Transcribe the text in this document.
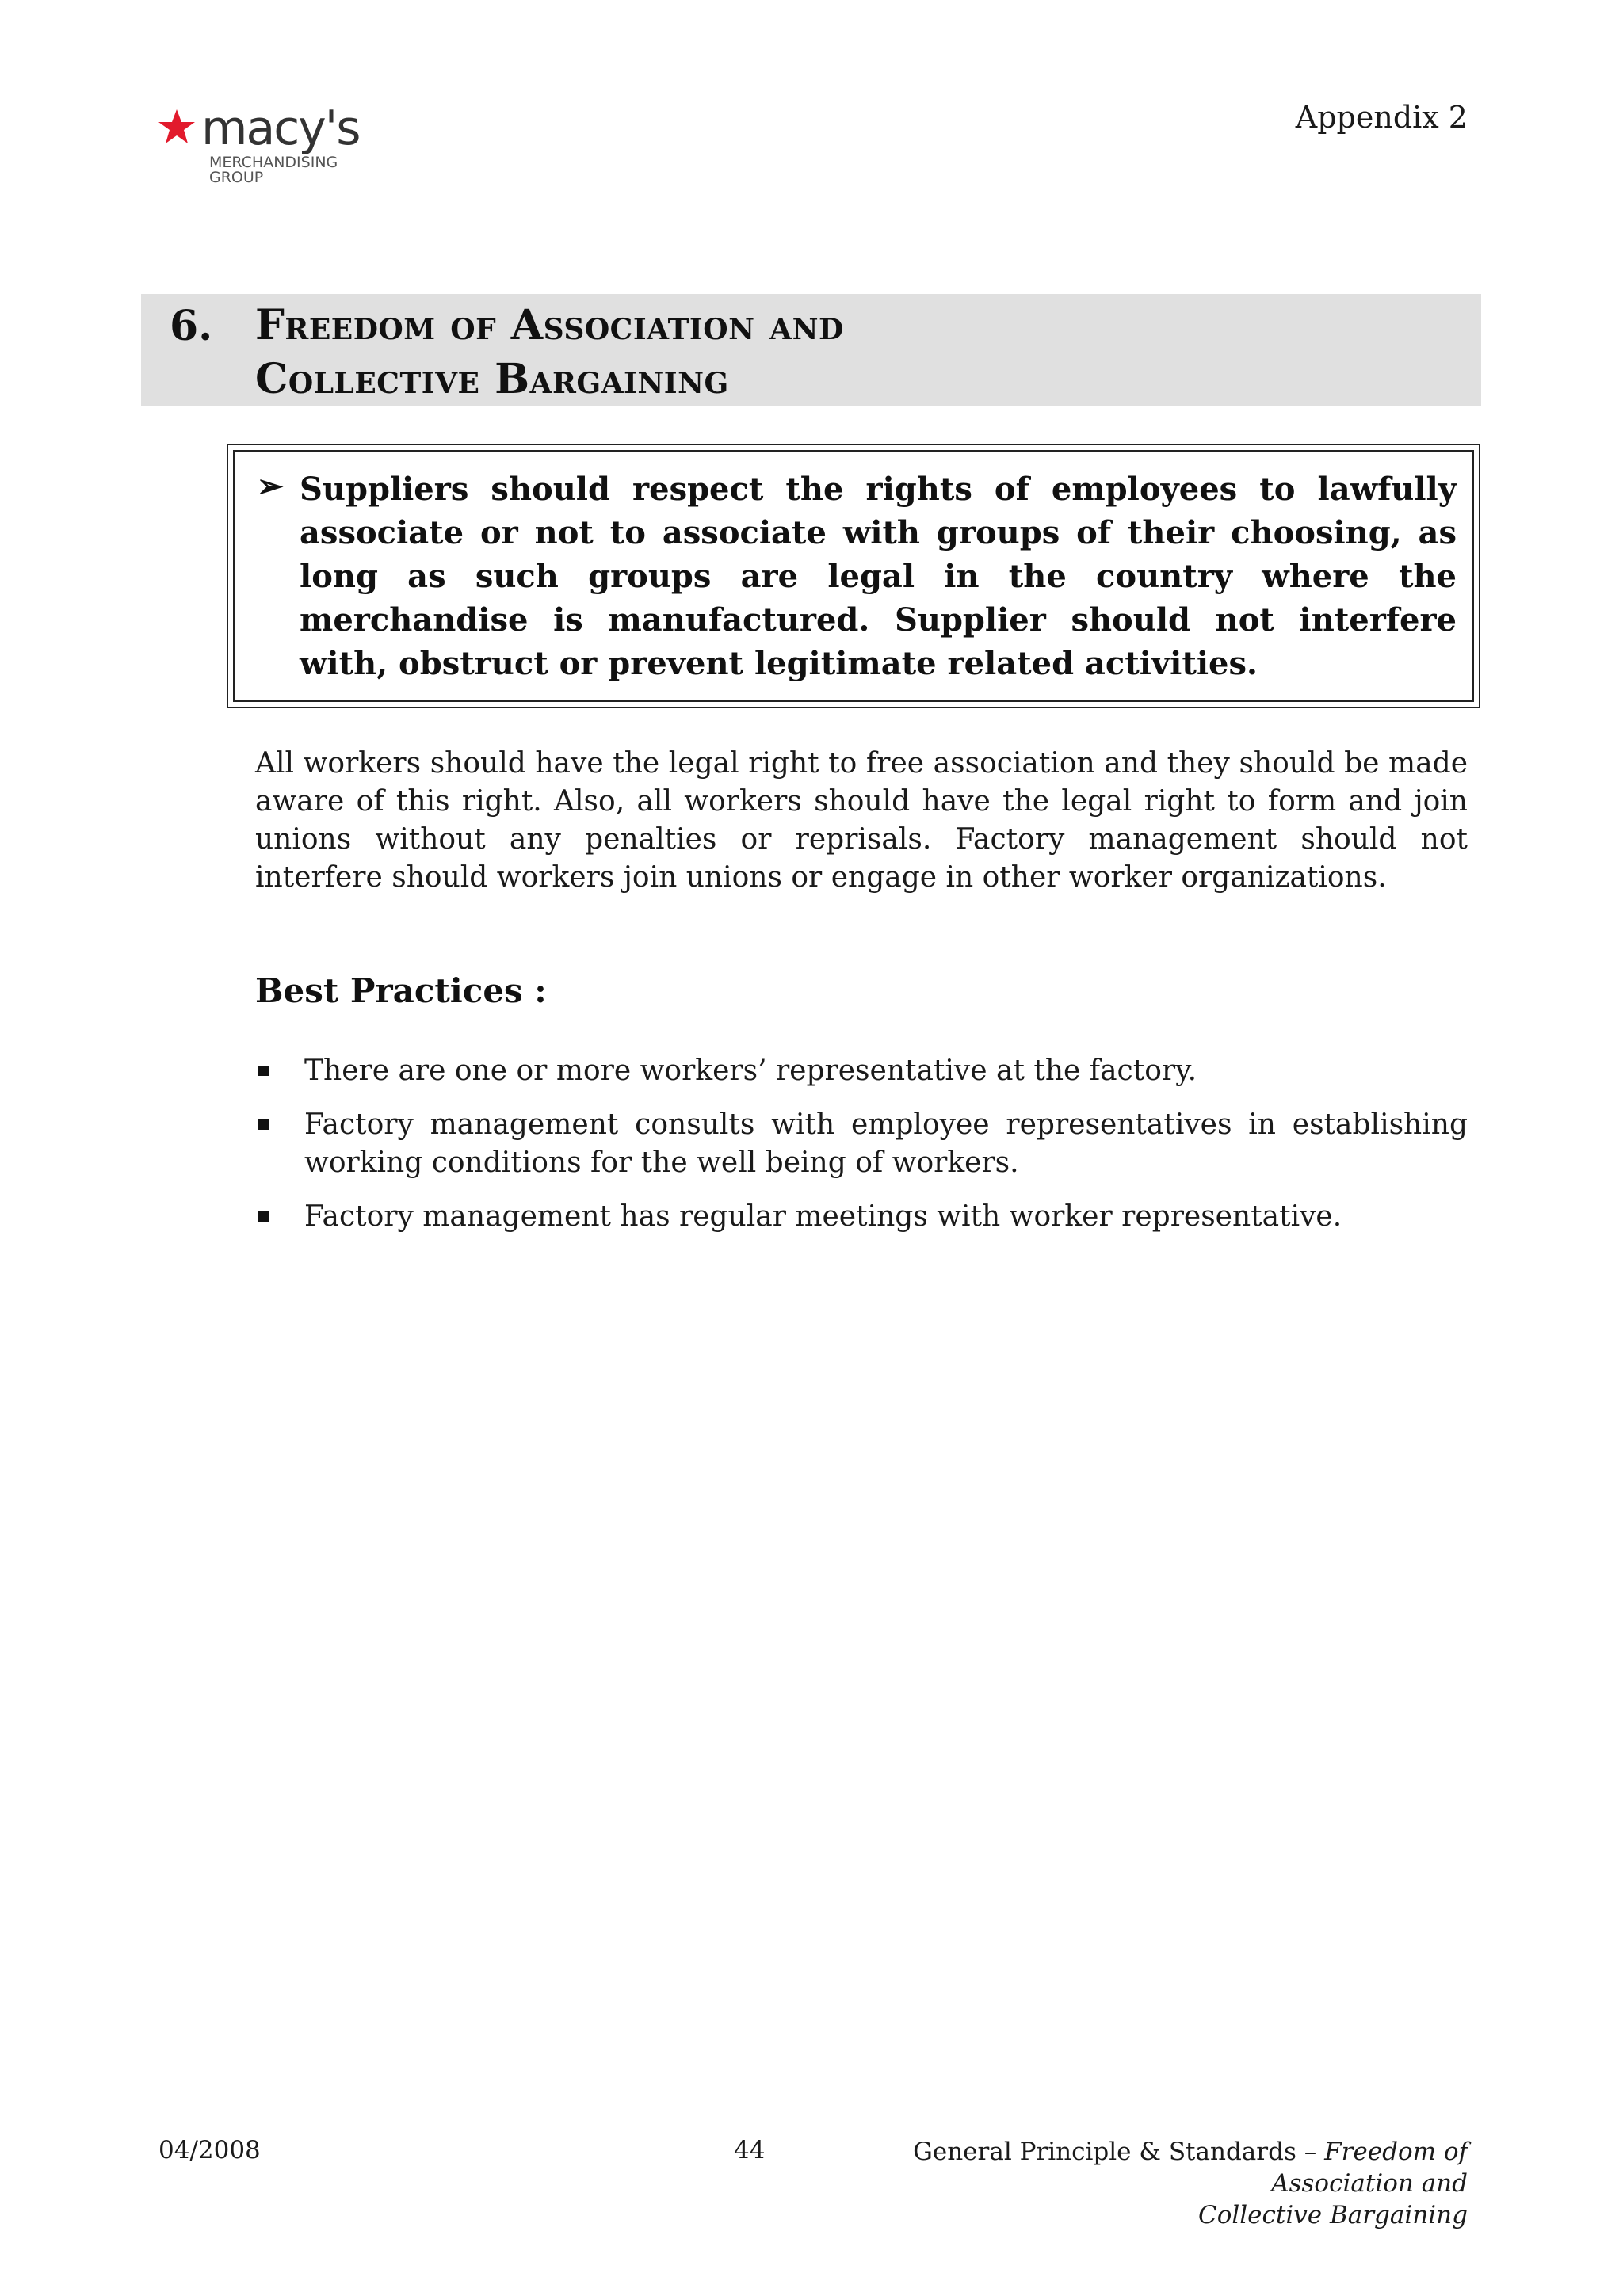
macy's
MERCHANDISING
GROUP
Appendix 2
6. Freedom of Association and
Collective Bargaining
➢ Suppliers should respect the rights of employees to lawfully associate or not to associate with groups of their choosing, as long as such groups are legal in the country where the merchandise is manufactured. Supplier should not interfere with, obstruct or prevent legitimate related activities.
All workers should have the legal right to free association and they should be made aware of this right. Also, all workers should have the legal right to form and join unions without any penalties or reprisals. Factory management should not interfere should workers join unions or engage in other worker organizations.
Best Practices :
There are one or more workers’ representative at the factory.
Factory management consults with employee representatives in establishing working conditions for the well being of workers.
Factory management has regular meetings with worker representative.
04/2008	44	General Principle & Standards – Freedom of Association and
Collective Bargaining
